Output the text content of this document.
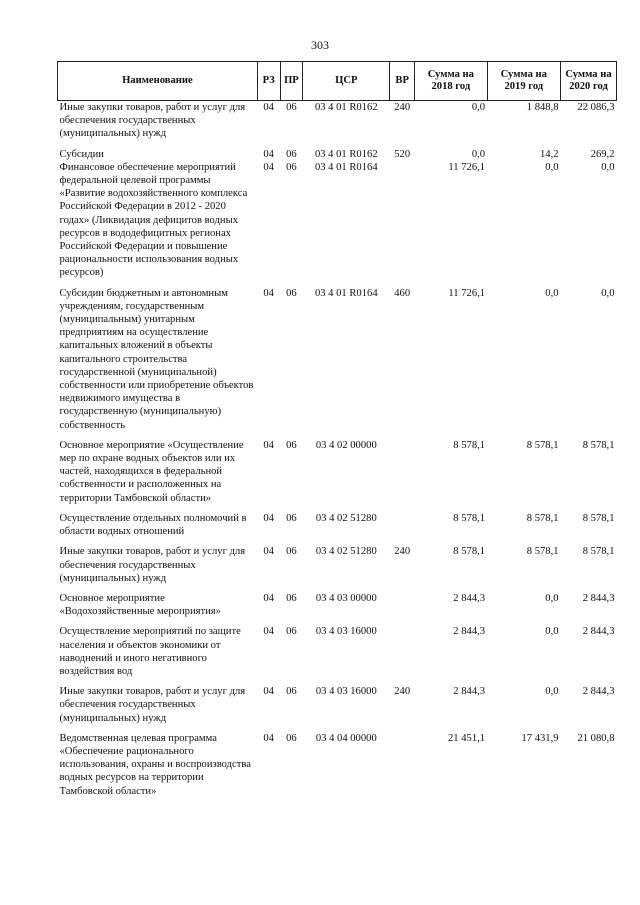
303
Наименование	РЗ	ПР	ЦСР	ВР	Сумма на 2018 год	Сумма на 2019 год	Сумма на 2020 год
Иные закупки товаров, работ и услуг для обеспечения государственных (муниципальных) нужд	04	06	03 4 01 R0162	240	0,0	1 848,8	22 086,3
Субсидии	04	06	03 4 01 R0162	520	0,0	14,2	269,2
Финансовое обеспечение мероприятий федеральной целевой программы «Развитие водохозяйственного комплекса Российской Федерации в 2012 - 2020 годах» (Ликвидация дефицитов водных ресурсов в вододефицитных регионах Российской Федерации и повышение рациональности использования водных ресурсов)	04	06	03 4 01 R0164		11 726,1	0,0	0,0
Субсидии бюджетным и автономным учреждениям, государственным (муниципальным) унитарным предприятиям на осуществление капитальных вложений в объекты капитального строительства государственной (муниципальной) собственности или приобретение объектов недвижимого имущества в государственную (муниципальную) собственность	04	06	03 4 01 R0164	460	11 726,1	0,0	0,0
Основное мероприятие «Осуществление мер по охране водных объектов или их частей, находящихся в федеральной собственности и расположенных на территории Тамбовской области»	04	06	03 4 02 00000		8 578,1	8 578,1	8 578,1
Осуществление отдельных полномочий в области водных отношений	04	06	03 4 02 51280		8 578,1	8 578,1	8 578,1
Иные закупки товаров, работ и услуг для обеспечения государственных (муниципальных) нужд	04	06	03 4 02 51280	240	8 578,1	8 578,1	8 578,1
Основное мероприятие «Водохозяйственные мероприятия»	04	06	03 4 03 00000		2 844,3	0,0	2 844,3
Осуществление мероприятий по защите населения и объектов экономики от наводнений и иного негативного воздействия вод	04	06	03 4 03 16000		2 844,3	0,0	2 844,3
Иные закупки товаров, работ и услуг для обеспечения государственных (муниципальных) нужд	04	06	03 4 03 16000	240	2 844,3	0,0	2 844,3
Ведомственная целевая программа «Обеспечение рационального использования, охраны и воспроизводства водных ресурсов на территории Тамбовской области»	04	06	03 4 04 00000		21 451,1	17 431,9	21 080,8
